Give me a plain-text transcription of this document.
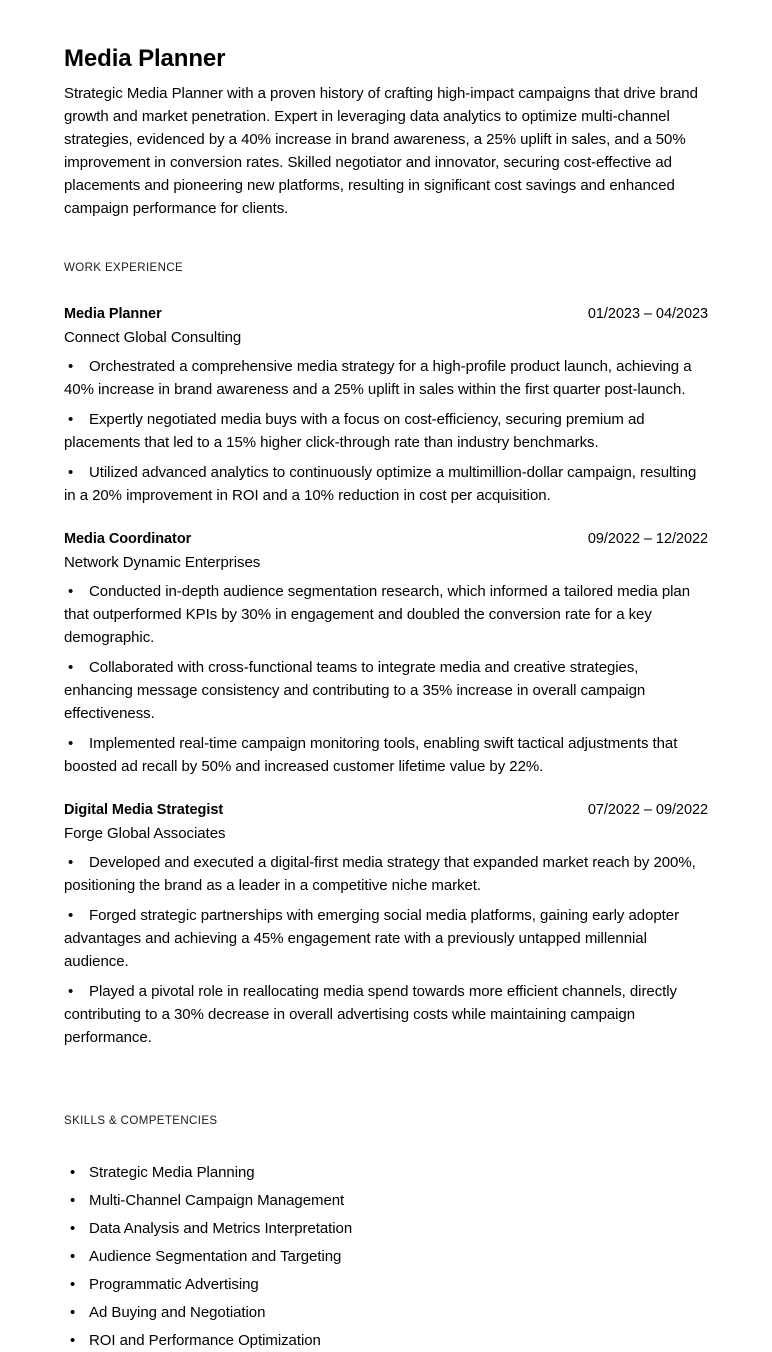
Media Planner

Strategic Media Planner with a proven history of crafting high-impact campaigns that drive brand growth and market penetration. Expert in leveraging data analytics to optimize multi-channel strategies, evidenced by a 40% increase in brand awareness, a 25% uplift in sales, and a 50% improvement in conversion rates. Skilled negotiator and innovator, securing cost-effective ad placements and pioneering new platforms, resulting in significant cost savings and enhanced campaign performance for clients.

WORK EXPERIENCE
Media Planner	01/2023 – 04/2023
Connect Global Consulting
• Orchestrated a comprehensive media strategy for a high-profile product launch, achieving a 40% increase in brand awareness and a 25% uplift in sales within the first quarter post-launch.
• Expertly negotiated media buys with a focus on cost-efficiency, securing premium ad placements that led to a 15% higher click-through rate than industry benchmarks.
• Utilized advanced analytics to continuously optimize a multimillion-dollar campaign, resulting in a 20% improvement in ROI and a 10% reduction in cost per acquisition.
Media Coordinator	09/2022 – 12/2022
Network Dynamic Enterprises
• Conducted in-depth audience segmentation research, which informed a tailored media plan that outperformed KPIs by 30% in engagement and doubled the conversion rate for a key demographic.
• Collaborated with cross-functional teams to integrate media and creative strategies, enhancing message consistency and contributing to a 35% increase in overall campaign effectiveness.
• Implemented real-time campaign monitoring tools, enabling swift tactical adjustments that boosted ad recall by 50% and increased customer lifetime value by 22%.
Digital Media Strategist	07/2022 – 09/2022
Forge Global Associates
• Developed and executed a digital-first media strategy that expanded market reach by 200%, positioning the brand as a leader in a competitive niche market.
• Forged strategic partnerships with emerging social media platforms, gaining early adopter advantages and achieving a 45% engagement rate with a previously untapped millennial audience.
• Played a pivotal role in reallocating media spend towards more efficient channels, directly contributing to a 30% decrease in overall advertising costs while maintaining campaign performance.
SKILLS & COMPETENCIES
• Strategic Media Planning
• Multi-Channel Campaign Management
• Data Analysis and Metrics Interpretation
• Audience Segmentation and Targeting
• Programmatic Advertising
• Ad Buying and Negotiation
• ROI and Performance Optimization
